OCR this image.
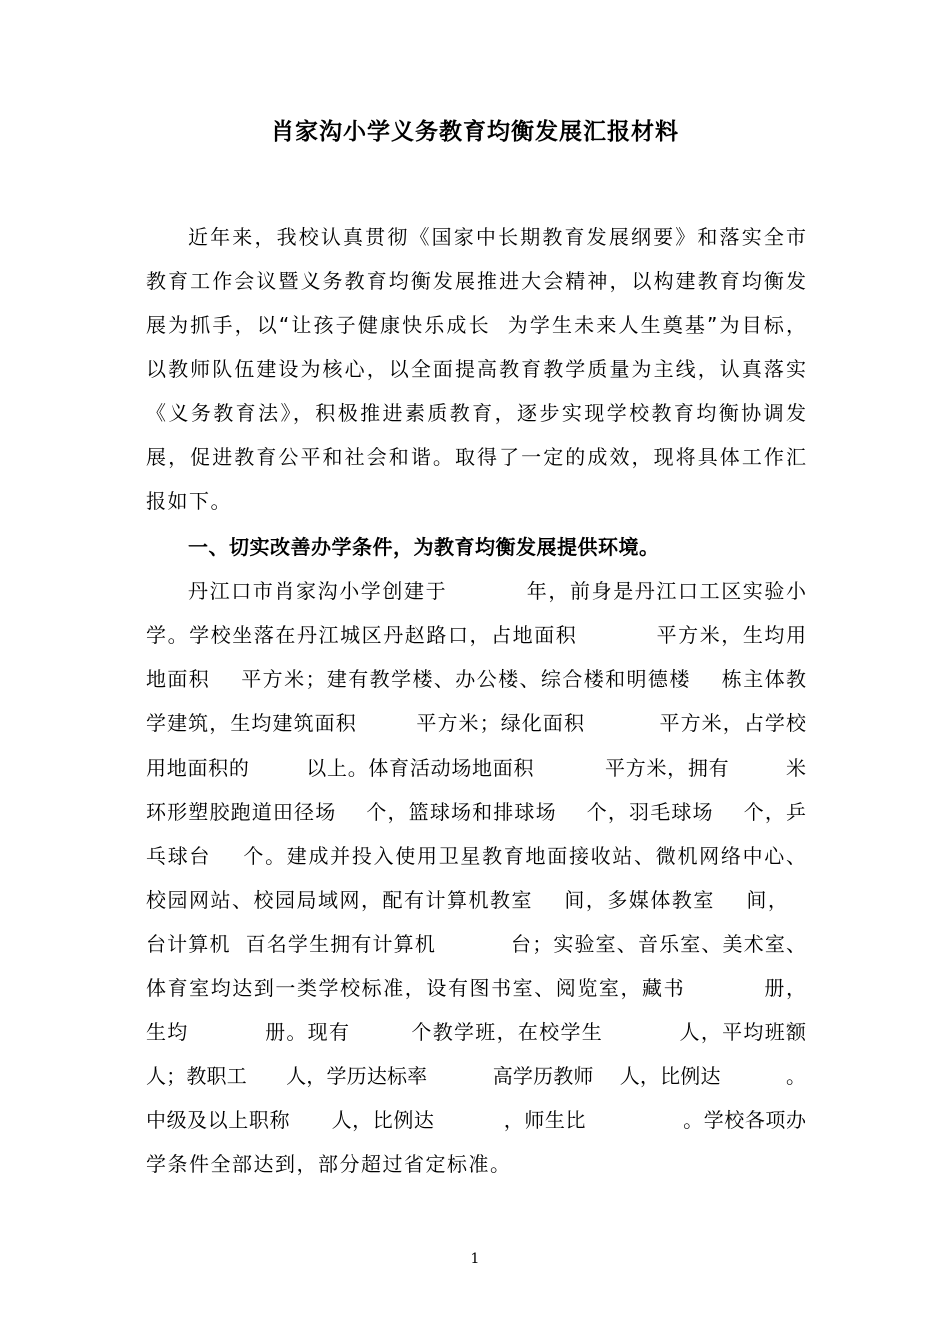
肖家沟小学义务教育均衡发展汇报材料
近年来，我校认真贯彻《国家中长期教育发展纲要》和落实全市
教育工作会议暨义务教育均衡发展推进大会精神，以构建教育均衡发
展为抓手，以“让孩子健康快乐成长  为学生未来人生奠基”为目标，
以教师队伍建设为核心，以全面提高教育教学质量为主线，认真落实
《义务教育法》，积极推进素质教育，逐步实现学校教育均衡协调发
展，促进教育公平和社会和谐。取得了一定的成效，现将具体工作汇
报如下。
一、切实改善办学条件，为教育均衡发展提供环境。
丹江口市肖家沟小学创建于          年，前身是丹江口工区实验小
学。学校坐落在丹江城区丹赵路口，占地面积          平方米，生均用
地面积    平方米；建有教学楼、办公楼、综合楼和明德楼    栋主体教
学建筑，生均建筑面积        平方米；绿化面积          平方米，占学校
用地面积的        以上。体育活动场地面积          平方米，拥有        米
环形塑胶跑道田径场    个，篮球场和排球场    个，羽毛球场    个，乒
乓球台    个。建成并投入使用卫星教育地面接收站、微机网络中心、
校园网站、校园局域网，配有计算机教室    间，多媒体教室    间，
台计算机  百名学生拥有计算机          台；实验室、音乐室、美术室、
体育室均达到一类学校标准，设有图书室、阅览室，藏书          册，
生均          册。现有        个教学班，在校学生          人，平均班额
人；教职工      人，学历达标率          高学历教师    人，比例达          。
中级及以上职称      人，比例达          ，师生比              。学校各项办
学条件全部达到，部分超过省定标准。
1
